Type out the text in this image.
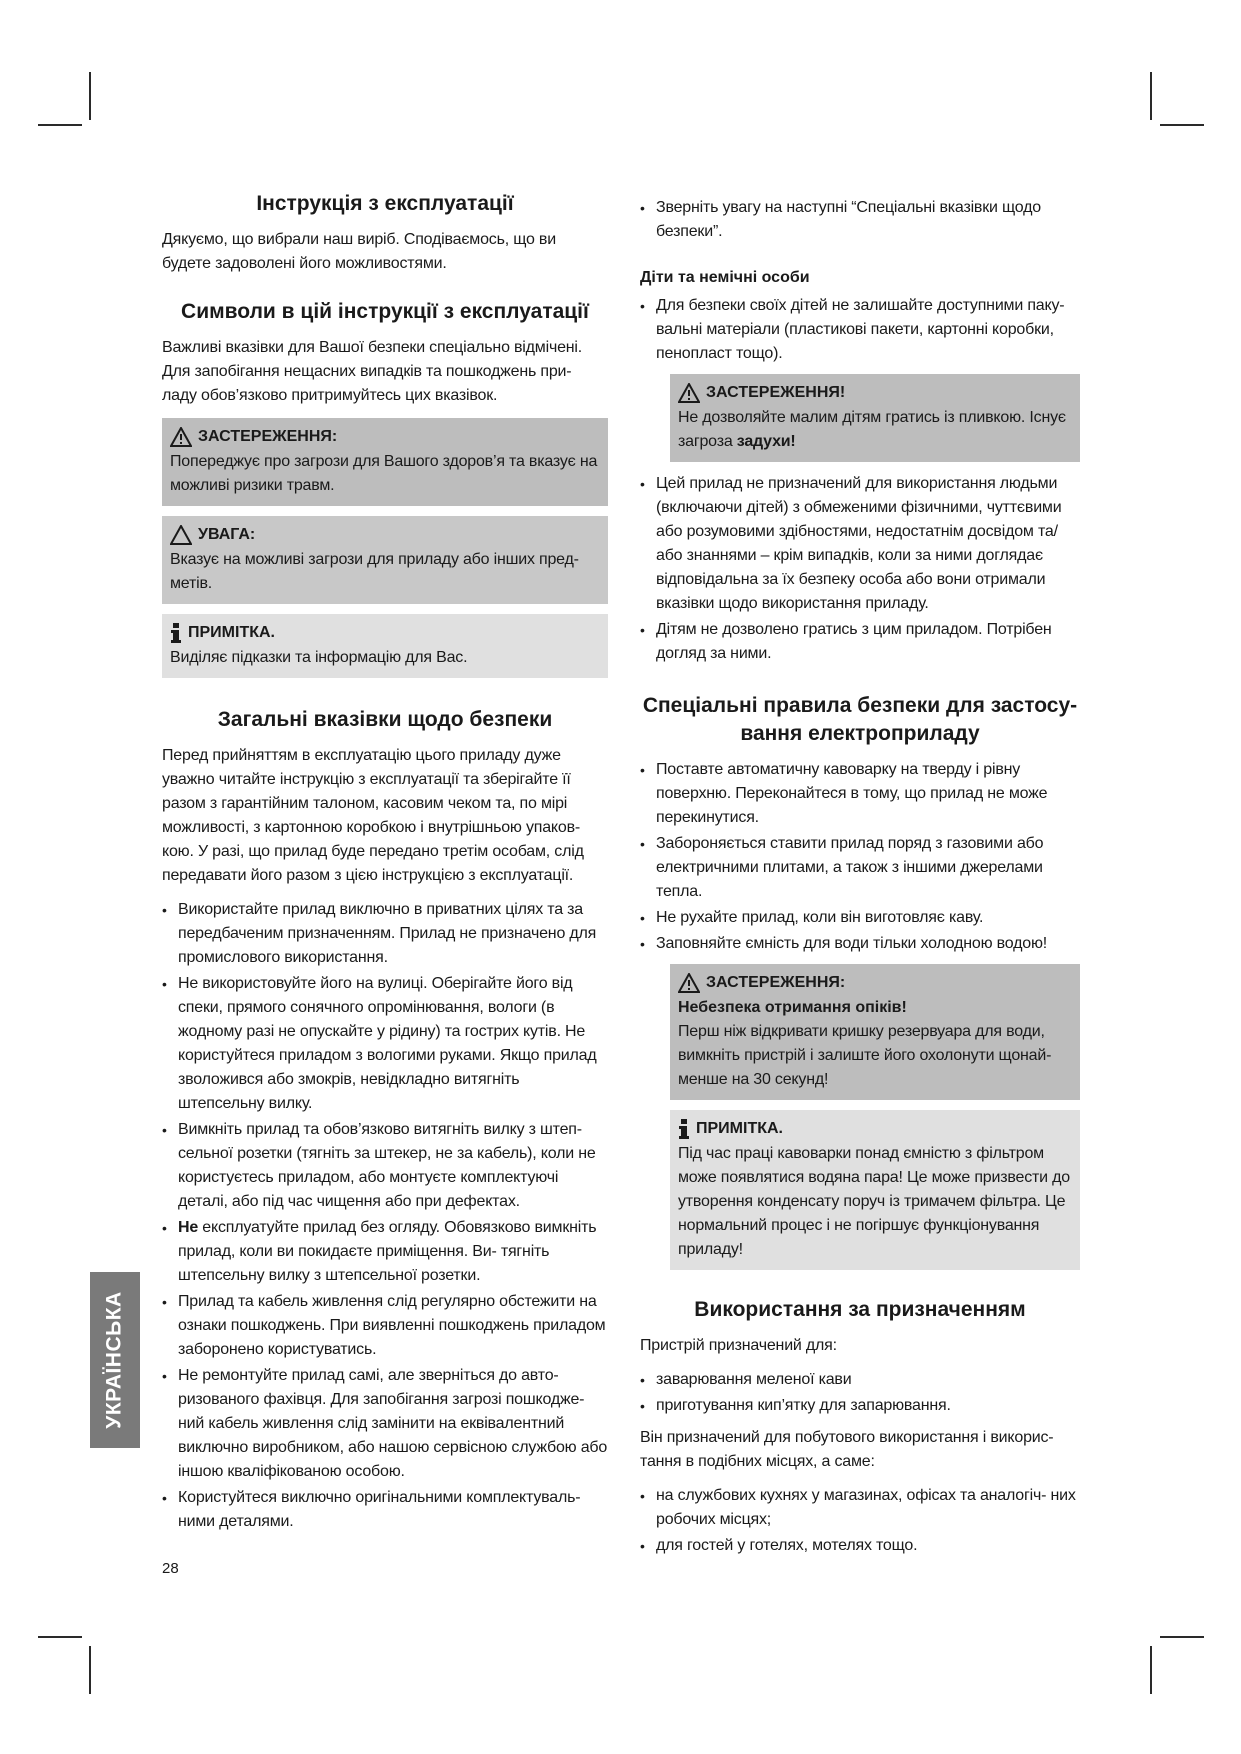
УКРАЇНСЬКА
Інструкція з експлуатації

Дякуємо, що вибрали наш виріб. Сподіваємось, що ви будете задоволені його можливостями.

Символи в цій інструкції з експлуатації

Важливі вказівки для Вашої безпеки спеціально відмічені. Для запобігання нещасних випадків та пошкоджень при- ладу обов’язково притримуйтесь цих вказівок.

ЗАСТЕРЕЖЕННЯ:
Попереджує про загрози для Вашого здоров’я та вказує на можливі ризики травм.
УВАГА:
Вказує на можливі загрози для приладу або інших пред- метів.
ПРИМІТКА.
Виділяє підказки та інформацію для Вас.
Загальні вказівки щодо безпеки

Перед прийняттям в експлуатацію цього приладу дуже уважно читайте інструкцію з експлуатації та зберігайте її разом з гарантійним талоном, касовим чеком та, по мірі можливості, з картонною коробкою і внутрішньою упаков- кою. У разі, що прилад буде передано третім особам, слід передавати його разом з цією інструкцією з експлуатації.

• Використайте прилад виключно в приватних цілях та за передбаченим призначенням. Прилад не призначено для промислового використання.
• Не використовуйте його на вулиці. Оберігайте його від спеки, прямого сонячного опромінювання, вологи (в жодному разі не опускайте у рідину) та гострих кутів. Не користуйтеся приладом з вологими руками. Якщо прилад зволожився або змокрів, невідкладно витягніть штепсельну вилку.
• Вимкніть прилад та обов’язково витягніть вилку з штеп- сельної розетки (тягніть за штекер, не за кабель), коли не користуєтесь приладом, або монтуєте комплектуючі деталі, або під час чищення або при дефектах.
• Не експлуатуйте прилад без огляду. Обовязково вимкніть прилад, коли ви покидаєте приміщення. Ви- тягніть штепсельну вилку з штепсельної розетки.
• Прилад та кабель живлення слід регулярно обстежити на ознаки пошкоджень. При виявленні пошкоджень приладом заборонено користуватись.
• Не ремонтуйте прилад самі, але зверніться до авто- ризованого фахівця. Для запобігання загрозі пошкодже- ний кабель живлення слід замінити на еквівалентний виключно виробником, або нашою сервісною службою або іншою кваліфікованою особою.
• Користуйтеся виключно оригінальними комплектуваль- ними деталями.
• Зверніть увагу на наступні “Спеціальні вказівки щодо безпеки”.
Діти та немічні особи
• Для безпеки своїх дітей не залишайте доступними паку- вальні матеріали (пластикові пакети, картонні коробки, пенопласт тощо).
ЗАСТЕРЕЖЕННЯ!
Не дозволяйте малим дітям гратись із пливкою. Існує загроза задухи!
• Цей прилад не призначений для використання людьми (включаючи дітей) з обмеженими фізичними, чуттєвими або розумовими здібностями, недостатнім досвідом та/ або знаннями – крім випадків, коли за ними доглядає відповідальна за їх безпеку особа або вони отримали вказівки щодо використання приладу.
• Дітям не дозволено гратись з цим приладом. Потрібен догляд за ними.
Спеціальні правила безпеки для застосу- вання електроприладу
• Поставте автоматичну кавоварку на тверду і рівну поверхню. Переконайтеся в тому, що прилад не може перекинутися.
• Забороняється ставити прилад поряд з газовими або електричними плитами, а також з іншими джерелами тепла.
• Не рухайте прилад, коли він виготовляє каву.
• Заповняйте ємність для води тільки холодною водою!
ЗАСТЕРЕЖЕННЯ:
Небезпека отримання опіків!
Перш ніж відкривати кришку резервуара для води, вимкніть пристрій і залиште його охолонути щонай- менше на 30 секунд!
ПРИМІТКА.
Під час праці кавоварки понад ємністю з фільтром може появлятися водяна пара! Це може призвести до утворення конденсату поруч із тримачем фільтра. Це нормальний процес і не погіршує функціонування приладу!
Використання за призначенням

Пристрій призначений для:

• заварювання меленої кави
• приготування кип’ятку для запарювання.

Він призначений для побутового використання і викорис- тання в подібних місцях, а саме:

• на службових кухнях у магазинах, офісах та аналогіч- них робочих місцях;
• для гостей у готелях, мотелях тощо.
28
